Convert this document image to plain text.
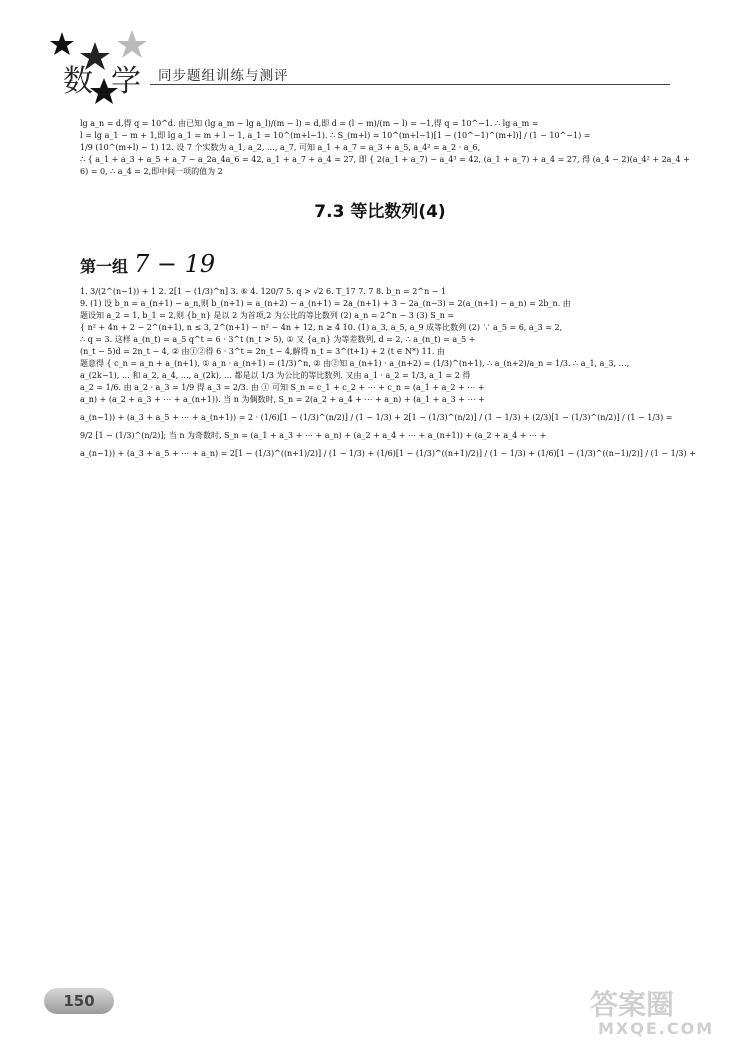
数学 同步题组训练与测评
lg a_n = d,得 q = 10^d. 由已知 (lg a_m − lg a_l)/(m − l) = d,即 d = (l − m)/(m − l) = −1,得 q = 10^−1. ∴ lg a_m =
l = lg a_1 − m + 1,即 lg a_1 = m + l − 1, a_1 = 10^(m+l−1). ∴ S_(m+l) = 10^(m+l−1)[1 − (10^−1)^(m+l)] / (1 − 10^−1) =
1/9 (10^(m+l) − 1) 12. 设 7 个实数为 a_1, a_2, …, a_7, 可知 a_1 + a_7 = a_3 + a_5, a_4² = a_2 · a_6,
∴ { a_1 + a_3 + a_5 + a_7 − a_2a_4a_6 = 42, a_1 + a_7 + a_4 = 27, 即 { 2(a_1 + a_7) − a_4³ = 42, (a_1 + a_7) + a_4 = 27, 得 (a_4 − 2)(a_4² + 2a_4 +
6) = 0, ∴ a_4 = 2,即中间一项的值为 2
7.3 等比数列(4)
第一组 7 − 19
1. 3/(2^(n−1)) + 1 2. 2[1 − (1/3)^n] 3. ⑥ 4. 120/7 5. q > √2 6. T_17 7. 7 8. b_n = 2^n − 1
9. (1) 设 b_n = a_(n+1) − a_n,则 b_(n+1) = a_(n+2) − a_(n+1) = 2a_(n+1) + 3 − 2a_(n−3) = 2(a_(n+1) − a_n) = 2b_n. 由
题设知 a_2 = 1, b_1 = 2,则 {b_n} 是以 2 为首项,2 为公比的等比数列 (2) a_n = 2^n − 3 (3) S_n =
{ n² + 4n + 2 − 2^(n+1), n ≤ 3, 2^(n+1) − n² − 4n + 12, n ≥ 4 10. (1) a_3, a_5, a_9 成等比数列 (2) ∵ a_5 = 6, a_3 = 2,
∴ q = 3. 这样 a_(n_t) = a_5 q^t = 6 · 3^t (n_t > 5), ① 又 {a_n} 为等差数列, d = 2, ∴ a_(n_t) = a_5 +
(n_t − 5)d = 2n_t − 4, ② 由①②得 6 · 3^t = 2n_t − 4,解得 n_t = 3^(t+1) + 2 (t ∈ N*) 11. 由
题意得 { c_n = a_n + a_(n+1), ① a_n · a_(n+1) = (1/3)^n, ② 由②知 a_(n+1) · a_(n+2) = (1/3)^(n+1), ∴ a_(n+2)/a_n = 1/3. ∴ a_1, a_3, …,
a_(2k−1), … 和 a_2, a_4, …, a_(2k), … 都是以 1/3 为公比的等比数列. 又由 a_1 · a_2 = 1/3, a_1 = 2 得
a_2 = 1/6. 由 a_2 · a_3 = 1/9 得 a_3 = 2/3. 由 ① 可知 S_n = c_1 + c_2 + ⋯ + c_n = (a_1 + a_2 + ⋯ +
a_n) + (a_2 + a_3 + ⋯ + a_(n+1)). 当 n 为偶数时, S_n = 2(a_2 + a_4 + ⋯ + a_n) + (a_1 + a_3 + ⋯ +
a_(n−1)) + (a_3 + a_5 + ⋯ + a_(n+1)) = 2 · (1/6)[1 − (1/3)^(n/2)] / (1 − 1/3) + 2[1 − (1/3)^(n/2)] / (1 − 1/3) + (2/3)[1 − (1/3)^(n/2)] / (1 − 1/3) =
9/2 [1 − (1/3)^(n/2)]; 当 n 为奇数时, S_n = (a_1 + a_3 + ⋯ + a_n) + (a_2 + a_4 + ⋯ + a_(n+1)) + (a_2 + a_4 + ⋯ +
a_(n−1)) + (a_3 + a_5 + ⋯ + a_n) = 2[1 − (1/3)^((n+1)/2)] / (1 − 1/3) + (1/6)[1 − (1/3)^((n+1)/2)] / (1 − 1/3) + (1/6)[1 − (1/3)^((n−1)/2)] / (1 − 1/3) +
150	答案圈
MXQE.COM
